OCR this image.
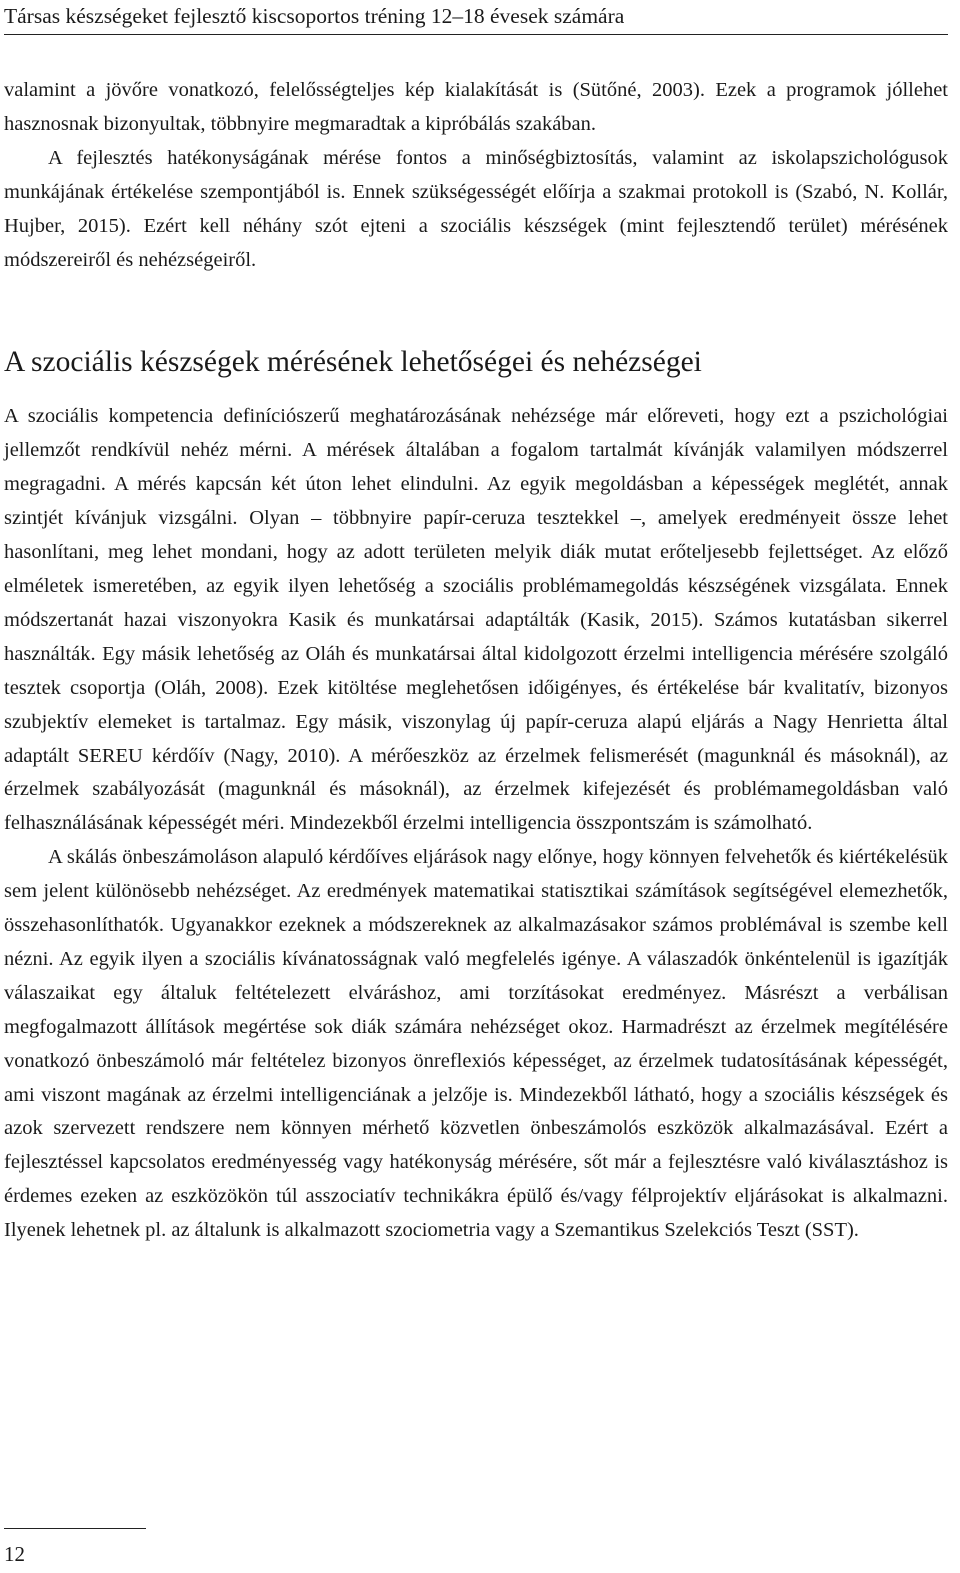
Társas készségeket fejlesztő kiscsoportos tréning 12–18 évesek számára

valamint a jövőre vonatkozó, felelősségteljes kép kialakítását is (Sütőné, 2003). Ezek a programok jóllehet hasznosnak bizonyultak, többnyire megmaradtak a kipróbálás szakában.

A fejlesztés hatékonyságának mérése fontos a minőségbiztosítás, valamint az iskolapszichológusok munkájának értékelése szempontjából is. Ennek szükségességét előírja a szakmai protokoll is (Szabó, N. Kollár, Hujber, 2015). Ezért kell néhány szót ejteni a szociális készségek (mint fejlesztendő terület) mérésének módszereiről és nehézségeiről.

A szociális készségek mérésének lehetőségei és nehézségei

A szociális kompetencia definíciószerű meghatározásának nehézsége már előreveti, hogy ezt a pszichológiai jellemzőt rendkívül nehéz mérni. A mérések általában a fogalom tartalmát kívánják valamilyen módszerrel megragadni. A mérés kapcsán két úton lehet elindulni. Az egyik megoldásban a képességek meglétét, annak szintjét kívánjuk vizsgálni. Olyan – többnyire papír-ceruza tesztekkel –, amelyek eredményeit össze lehet hasonlítani, meg lehet mondani, hogy az adott területen melyik diák mutat erőteljesebb fejlettséget. Az előző elméletek ismeretében, az egyik ilyen lehetőség a szociális problémamegoldás készségének vizsgálata. Ennek módszertanát hazai viszonyokra Kasik és munkatársai adaptálták (Kasik, 2015). Számos kutatásban sikerrel használták. Egy másik lehetőség az Oláh és munkatársai által kidolgozott érzelmi intelligencia mérésére szolgáló tesztek csoportja (Oláh, 2008). Ezek kitöltése meglehetősen időigényes, és értékelése bár kvalitatív, bizonyos szubjektív elemeket is tartalmaz. Egy másik, viszonylag új papír-ceruza alapú eljárás a Nagy Henrietta által adaptált SEREU kérdőív (Nagy, 2010). A mérőeszköz az érzelmek felismerését (magunknál és másoknál), az érzelmek szabályozását (magunknál és másoknál), az érzelmek kifejezését és problémamegoldásban való felhasználásának képességét méri. Mindezekből érzelmi intelligencia összpontszám is számolható.

A skálás önbeszámoláson alapuló kérdőíves eljárások nagy előnye, hogy könnyen felvehetők és kiértékelésük sem jelent különösebb nehézséget. Az eredmények matematikai statisztikai számítások segítségével elemezhetők, összehasonlíthatók. Ugyanakkor ezeknek a módszereknek az alkalmazásakor számos problémával is szembe kell nézni. Az egyik ilyen a szociális kívánatosságnak való megfelelés igénye. A válaszadók önkéntelenül is igazítják válaszaikat egy általuk feltételezett elváráshoz, ami torzításokat eredményez. Másrészt a verbálisan megfogalmazott állítások megértése sok diák számára nehézséget okoz. Harmadrészt az érzelmek megítélésére vonatkozó önbeszámoló már feltételez bizonyos önreflexiós képességet, az érzelmek tudatosításának képességét, ami viszont magának az érzelmi intelligenciának a jelzője is. Mindezekből látható, hogy a szociális készségek és azok szervezett rendszere nem könnyen mérhető közvetlen önbeszámolós eszközök alkalmazásával. Ezért a fejlesztéssel kapcsolatos eredményesség vagy hatékonyság mérésére, sőt már a fejlesztésre való kiválasztáshoz is érdemes ezeken az eszközökön túl asszociatív technikákra épülő és/vagy félprojektív eljárásokat is alkalmazni. Ilyenek lehetnek pl. az általunk is alkalmazott szociometria vagy a Szemantikus Szelekciós Teszt (SST).

12
